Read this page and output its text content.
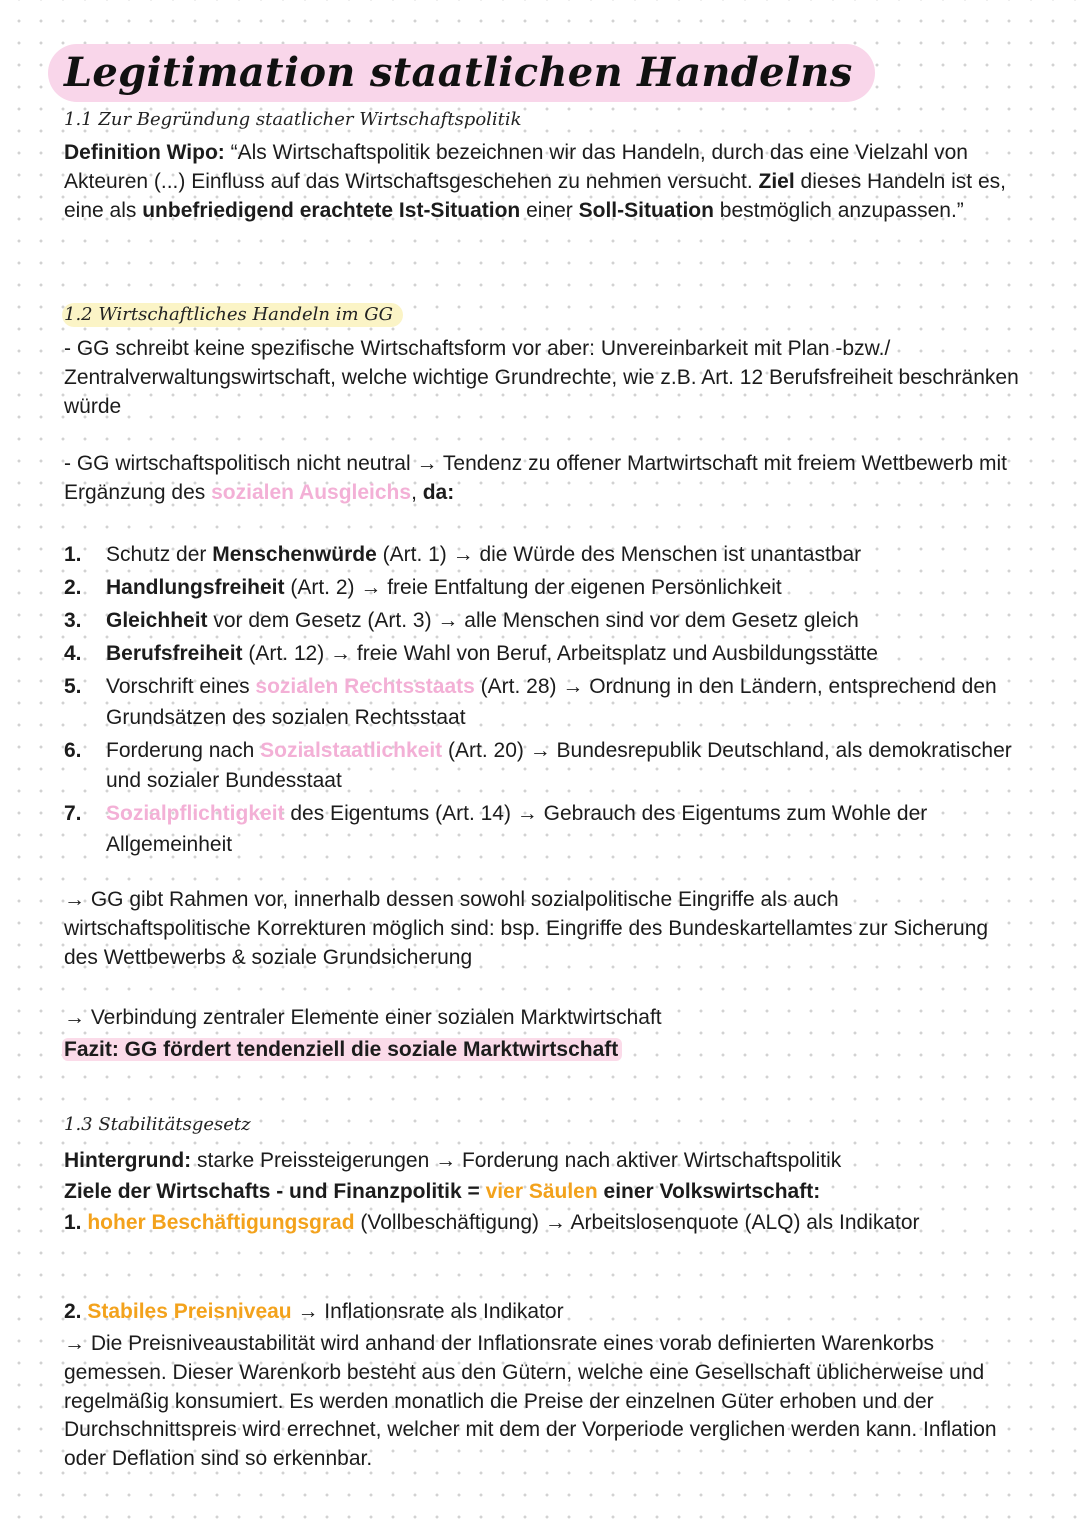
Legitimation staatlichen Handelns
1.1 Zur Begründung staatlicher Wirtschaftspolitik

Definition Wipo: “Als Wirtschaftspolitik bezeichnen wir das Handeln, durch das eine Vielzahl von Akteuren (...) Einfluss auf das Wirtschaftsgeschehen zu nehmen versucht. Ziel dieses Handeln ist es, eine als unbefriedigend erachtete Ist-Situation einer Soll-Situation bestmöglich anzupassen.”

1.2 Wirtschaftliches Handeln im GG

- GG schreibt keine spezifische Wirtschaftsform vor aber: Unvereinbarkeit mit Plan -bzw./ Zentralverwaltungswirtschaft, welche wichtige Grundrechte, wie z.B. Art. 12 Berufsfreiheit beschränken würde

- GG wirtschaftspolitisch nicht neutral → Tendenz zu offener Martwirtschaft mit freiem Wettbewerb mit Ergänzung des sozialen Ausgleichs, da:

1. Schutz der Menschenwürde (Art. 1) → die Würde des Menschen ist unantastbar
2. Handlungsfreiheit (Art. 2) → freie Entfaltung der eigenen Persönlichkeit
3. Gleichheit vor dem Gesetz (Art. 3) → alle Menschen sind vor dem Gesetz gleich
4. Berufsfreiheit (Art. 12) → freie Wahl von Beruf, Arbeitsplatz und Ausbildungsstätte
5. Vorschrift eines sozialen Rechtsstaats (Art. 28) → Ordnung in den Ländern, entsprechend den Grundsätzen des sozialen Rechtsstaat
6. Forderung nach Sozialstaatlichkeit (Art. 20) → Bundesrepublik Deutschland, als demokratischer und sozialer Bundesstaat
7. Sozialpflichtigkeit des Eigentums (Art. 14) → Gebrauch des Eigentums zum Wohle der Allgemeinheit

→ GG gibt Rahmen vor, innerhalb dessen sowohl sozialpolitische Eingriffe als auch wirtschaftspolitische Korrekturen möglich sind: bsp. Eingriffe des Bundeskartellamtes zur Sicherung des Wettbewerbs & soziale Grundsicherung

→ Verbindung zentraler Elemente einer sozialen Marktwirtschaft

Fazit: GG fördert tendenziell die soziale Marktwirtschaft

1.3 Stabilitätsgesetz

Hintergrund: starke Preissteigerungen → Forderung nach aktiver Wirtschaftspolitik

Ziele der Wirtschafts - und Finanzpolitik = vier Säulen einer Volkswirtschaft:

1. hoher Beschäftigungsgrad (Vollbeschäftigung) → Arbeitslosenquote (ALQ) als Indikator

2. Stabiles Preisniveau → Inflationsrate als Indikator

→ Die Preisniveaustabilität wird anhand der Inflationsrate eines vorab definierten Warenkorbs gemessen. Dieser Warenkorb besteht aus den Gütern, welche eine Gesellschaft üblicherweise und regelmäßig konsumiert. Es werden monatlich die Preise der einzelnen Güter erhoben und der Durchschnittspreis wird errechnet, welcher mit dem der Vorperiode verglichen werden kann. Inflation oder Deflation sind so erkennbar.
